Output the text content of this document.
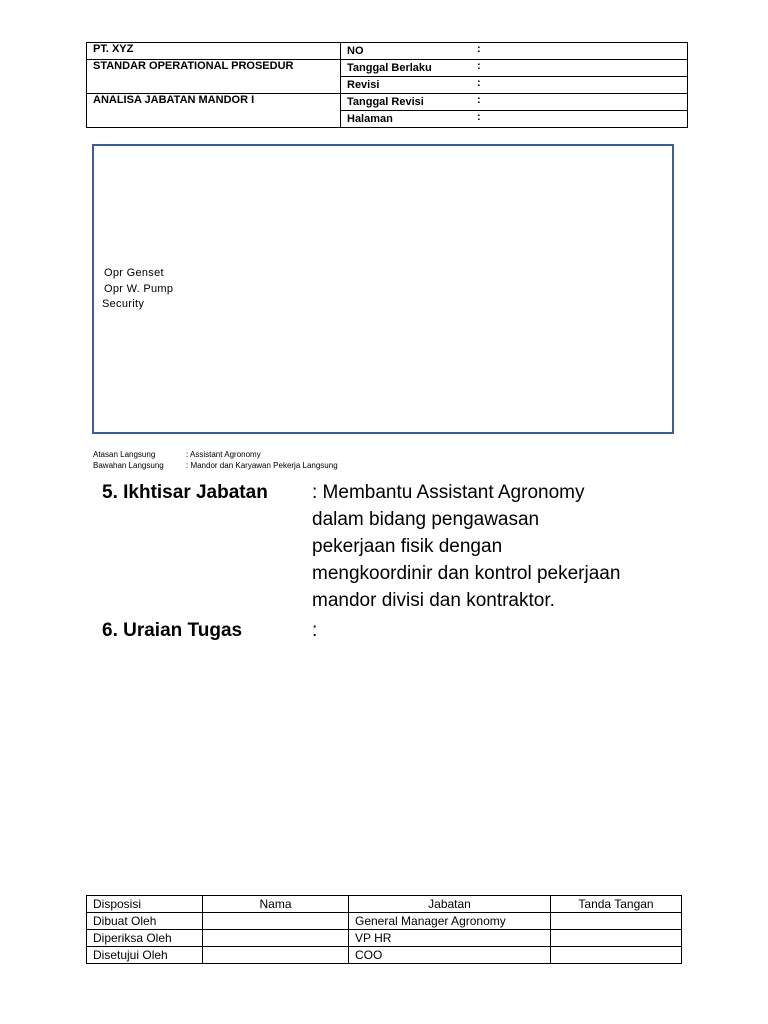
PT. XYZ	NO :

STANDAR OPERATIONAL PROSEDUR	Tanggal Berlaku :

	Revisi :

ANALISA JABATAN MANDOR I	Tanggal Revisi :

	Halaman :
Opr Genset
Opr W. Pump
Security
Atasan Langsung	: Assistant Agronomy
Bawahan Langsung	: Mandor dan Karyawan Pekerja Langsung
5. Ikhtisar Jabatan : Membantu Assistant Agronomy
dalam bidang pengawasan
pekerjaan fisik dengan
mengkoordinir dan kontrol pekerjaan
mandor divisi dan kontraktor.
6. Uraian Tugas	:
Disposisi	Nama	Jabatan	Tanda Tangan
Dibuat Oleh		General Manager Agronomy	
Diperiksa Oleh		VP HR	
Disetujui Oleh		COO	
